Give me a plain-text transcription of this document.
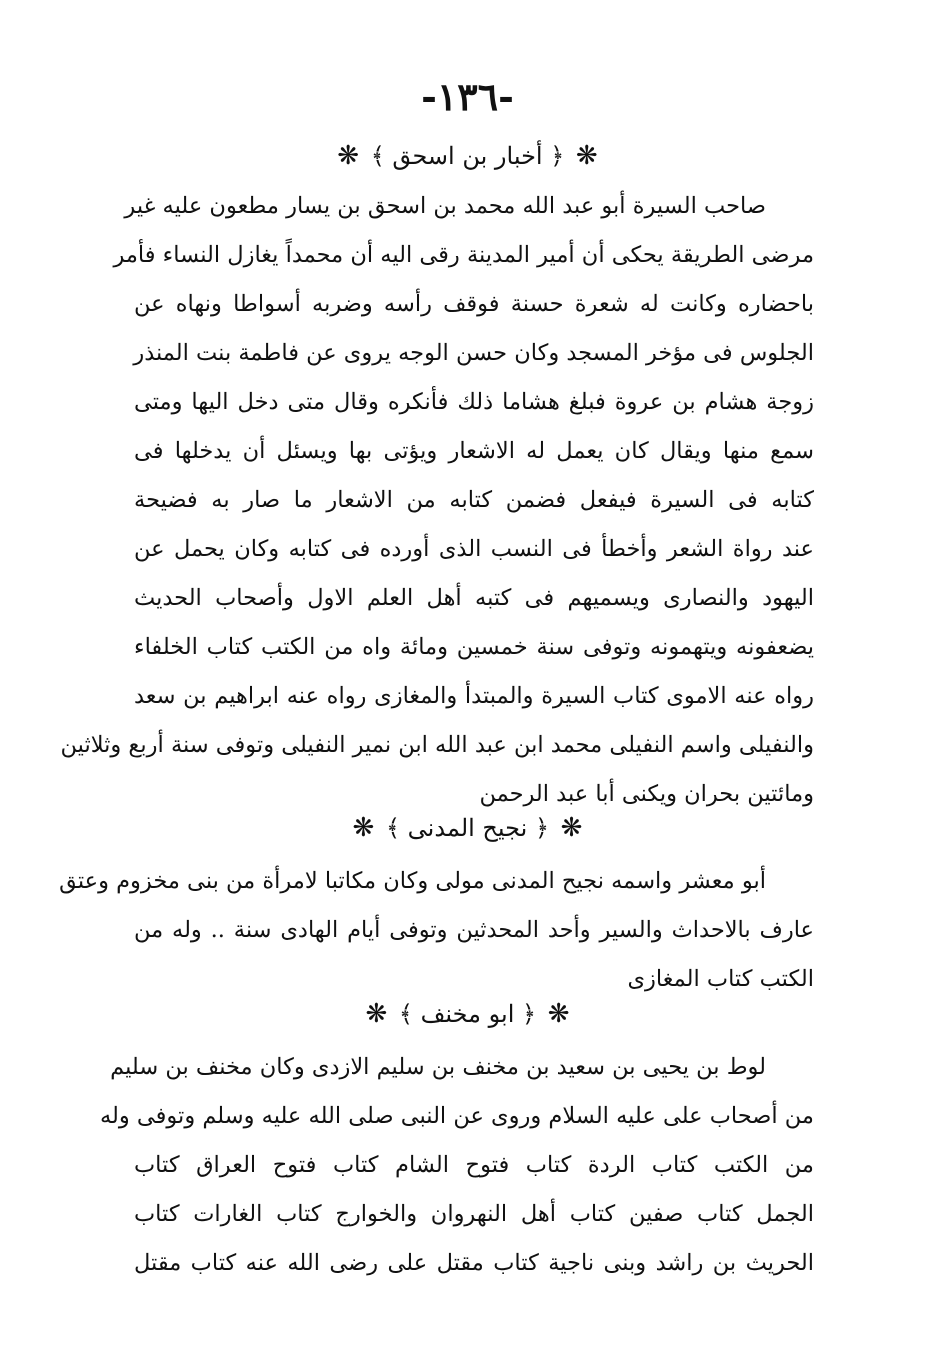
-١٣٦-
❋ ﴿ أخبار بن اسحق ﴾ ❋
صاحب السيرة أبو عبد الله محمد بن اسحق بن يسار مطعون عليه غير
مرضى الطريقة يحكى أن أمير المدينة رقى اليه أن محمداً يغازل النساء فأمر
باحضاره وكانت له شعرة حسنة فوقف رأسه وضربه أسواطا ونهاه عن
الجلوس فى مؤخر المسجد وكان حسن الوجه يروى عن فاطمة بنت المنذر
زوجة هشام بن عروة فبلغ هشاما ذلك فأنكره وقال متى دخل اليها ومتى
سمع منها ويقال كان يعمل له الاشعار ويؤتى بها ويسئل أن يدخلها فى
كتابه فى السيرة فيفعل فضمن كتابه من الاشعار ما صار به فضيحة
عند رواة الشعر وأخطأ فى النسب الذى أورده فى كتابه وكان يحمل عن
اليهود والنصارى ويسميهم فى كتبه أهل العلم الاول وأصحاب الحديث
يضعفونه ويتهمونه وتوفى سنة خمسين ومائة واه من الكتب كتاب الخلفاء
رواه عنه الاموى كتاب السيرة والمبتدأ والمغازى رواه عنه ابراهيم بن سعد
والنفيلى واسم النفيلى محمد ابن عبد الله ابن نمير النفيلى وتوفى سنة أربع وثلاثين
ومائتين بحران ويكنى أبا عبد الرحمن
❋ ﴿ نجيح المدنى ﴾ ❋
أبو معشر واسمه نجيح المدنى مولى وكان مكاتبا لامرأة من بنى مخزوم وعتق
عارف بالاحداث والسير وأحد المحدثين وتوفى أيام الهادى سنة .. وله من
الكتب كتاب المغازى
❋ ﴿ ابو مخنف ﴾ ❋
لوط بن يحيى بن سعيد بن مخنف بن سليم الازدى وكان مخنف بن سليم
من أصحاب على عليه السلام وروى عن النبى صلى الله عليه وسلم وتوفى وله
من الكتب كتاب الردة كتاب فتوح الشام كتاب فتوح العراق كتاب
الجمل كتاب صفين كتاب أهل النهروان والخوارج كتاب الغارات كتاب
الحريث بن راشد وبنى ناجية كتاب مقتل على رضى الله عنه كتاب مقتل
